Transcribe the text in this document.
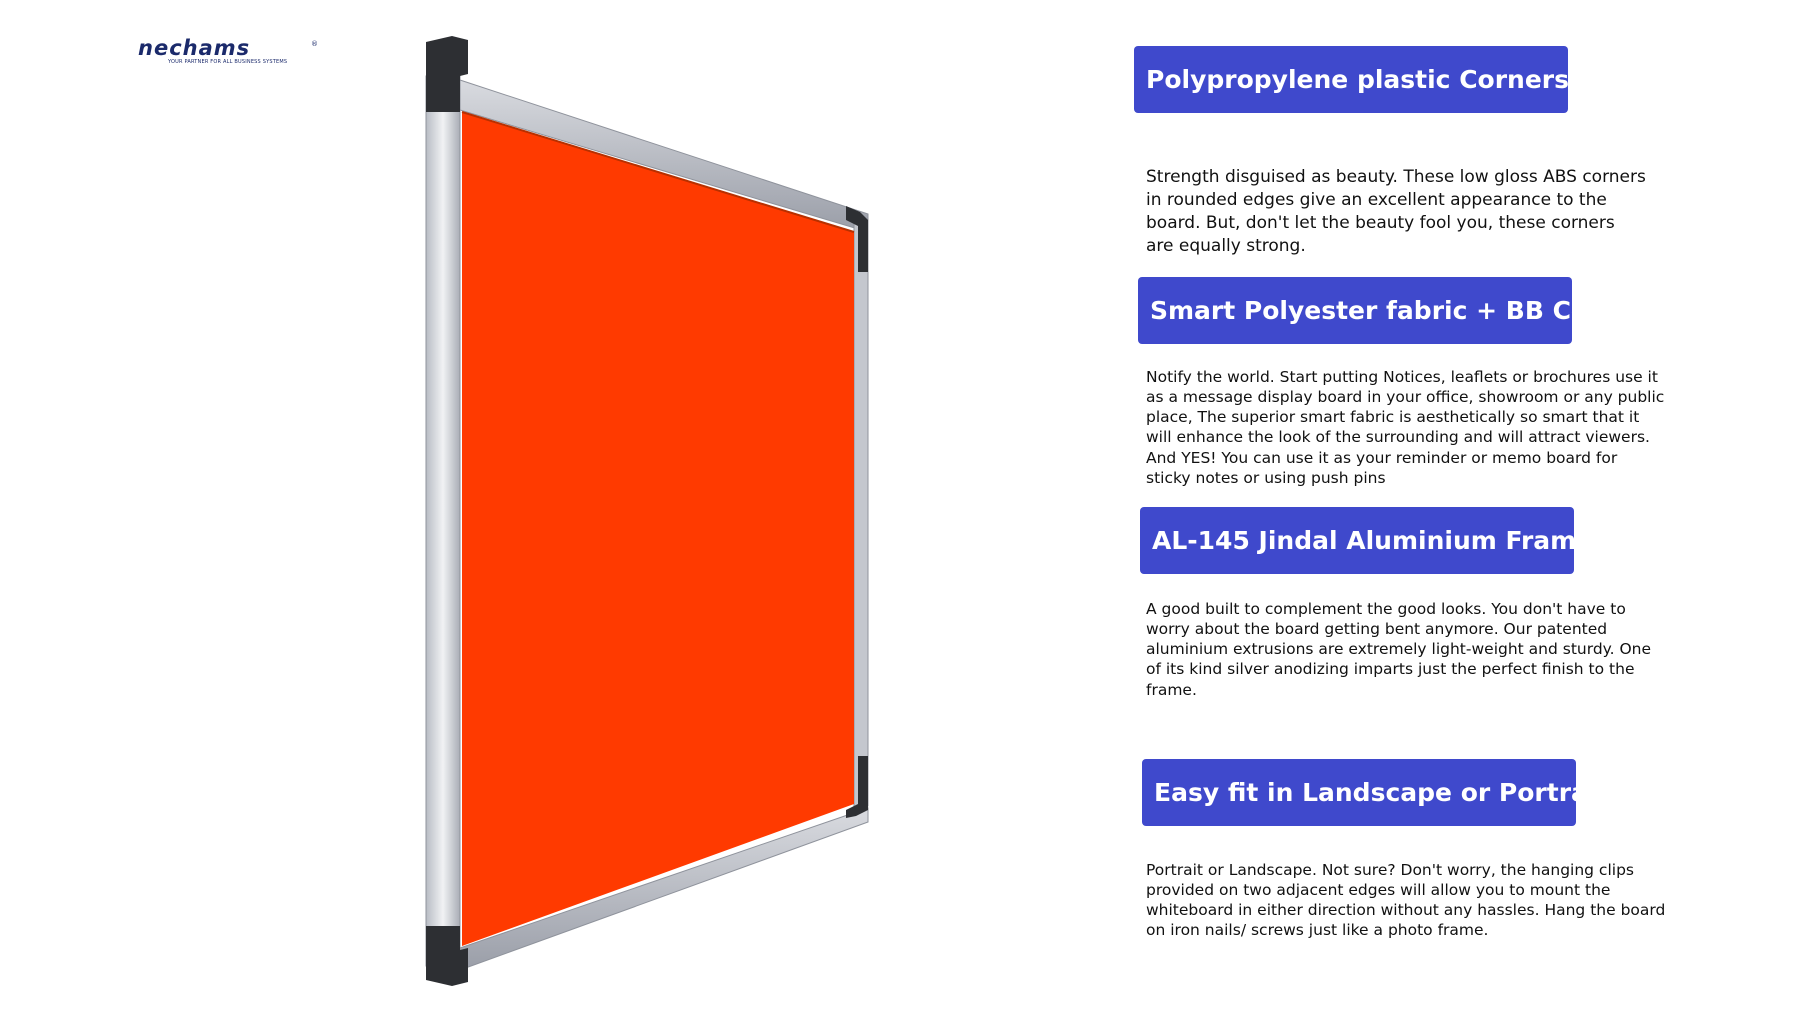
nechams	®
YOUR PARTNER FOR ALL BUSINESS SYSTEMS
Polypropylene plastic Corners
Strength disguised as beauty. These low gloss ABS corners in rounded edges give an excellent appearance to the board. But, don't let the beauty fool you, these corners are equally strong.
Smart Polyester fabric + BB Core
Notify the world. Start putting Notices, leaflets or brochures use it as a message display board in your office, showroom or any public place, The superior smart fabric is aesthetically so smart that it will enhance the look of the surrounding and will attract viewers. And YES! You can use it as your reminder or memo board for sticky notes or using push pins
AL-145 Jindal Aluminium Frame
A good built to complement the good looks. You don't have to worry about the board getting bent anymore. Our patented aluminium extrusions are extremely light-weight and sturdy. One of its kind silver anodizing imparts just the perfect finish to the frame.
Easy fit in Landscape or Portrait
Portrait or Landscape. Not sure? Don't worry, the hanging clips provided on two adjacent edges will allow you to mount the whiteboard in either direction without any hassles. Hang the board on iron nails/ screws just like a photo frame.
